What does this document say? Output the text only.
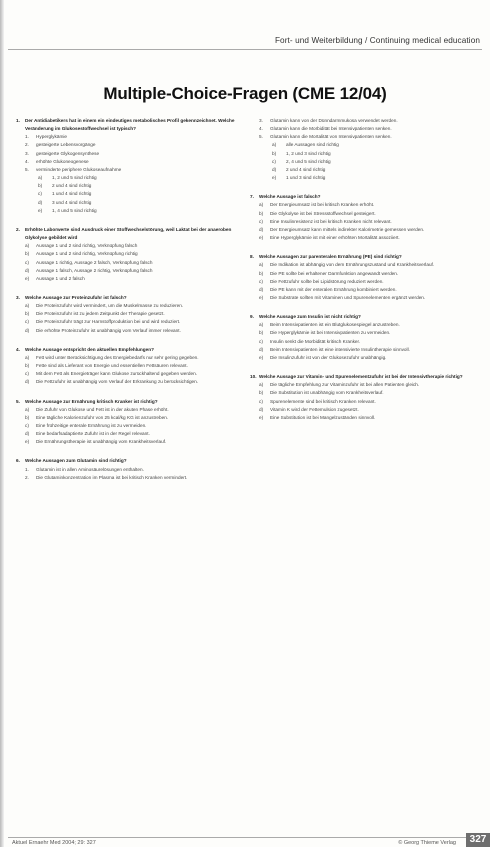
Fort- und Weiterbildung / Continuing medical education
Multiple-Choice-Fragen (CME 12/04)
1.	Der Antidiabetikers hat in einem ein eindeutiges metabolisches Profil gekennzeichnet. Welche Veränderung im Glukosestoffwechsel ist typisch?
1.	Hyperglykämie
2.	gesteigerte Lebensvorgänge
3.	gesteigerte Glykogensynthese
4.	erhöhte Glukoneogenese
5.	verminderte periphere Glukoseaufnahme
a)	1, 2 und 5 sind richtig
b)	2 und 4 sind richtig
c)	1 und 4 sind richtig
d)	3 und 4 sind richtig
e)	1, 4 und 5 sind richtig
2.	Erhöhte Laborwerte sind Ausdruck einer Stoffwechselstörung, weil Laktat bei der anaeroben Glykolyse gebildet wird
a)	Aussage 1 und 2 sind richtig, Verknüpfung falsch
b)	Aussage 1 und 2 sind richtig, Verknüpfung richtig
c)	Aussage 1 richtig, Aussage 2 falsch, Verknüpfung falsch
d)	Aussage 1 falsch, Aussage 2 richtig, Verknüpfung falsch
e)	Aussage 1 und 2 falsch
3.	Welche Aussage zur Proteinzufuhr ist falsch?
a)	Die Proteinzufuhr wird vermindert, um die Muskelmasse zu reduzieren.
b)	Die Proteinzufuhr ist zu jedem Zeitpunkt der Therapie gesetzt.
c)	Die Proteinzufuhr trägt zur Harnstoffproduktion bei und wird reduziert.
d)	Die erhöhte Proteinzufuhr ist unabhängig vom Verlauf immer relevant.
4.	Welche Aussage entspricht den aktuellen Empfehlungen?
a)	Fett wird unter Berücksichtigung des Energiebedarfs nur sehr gering gegeben.
b)	Fette sind als Lieferant von Energie und essentiellen Fettsäuren relevant.
c)	Mit dem Fett als Energieträger kann Glukose zurückhaltend gegeben werden.
d)	Die Fettzufuhr ist unabhängig vom Verlauf der Erkrankung zu berücksichtigen.
5.	Welche Aussage zur Ernährung kritisch Kranker ist richtig?
a)	Die Zufuhr von Glukose und Fett ist in der akuten Phase erhöht.
b)	Eine tägliche Kalorienzufuhr von 25 kcal/kg KG ist anzustreben.
c)	Eine frühzeitige enterale Ernährung ist zu vermeiden.
d)	Eine bedarfsadaptierte Zufuhr ist in der Regel relevant.
e)	Die Ernährungstherapie ist unabhängig vom Krankheitsverlauf.
6.	Welche Aussagen zum Glutamin sind richtig?
1.	Glutamin ist in allen Aminosäurelösungen enthalten.
2.	Die Glutaminkonzentration im Plasma ist bei kritisch Kranken vermindert.
3.	Glutamin kann von der Dünndarmmukosa verwendet werden.
4.	Glutamin kann die Morbidität bei Intensivpatienten senken.
5.	Glutamin kann die Mortalität von Intensivpatienten senken.
a)	alle Aussagen sind richtig
b)	1, 2 und 3 sind richtig
c)	2, 4 und 5 sind richtig
d)	2 und 4 sind richtig
e)	1 und 3 sind richtig
7.	Welche Aussage ist falsch?
a)	Der Energieumsatz ist bei kritisch Kranken erhöht.
b)	Die Glykolyse ist bei Stressstoffwechsel gesteigert.
c)	Eine Insulinresistenz ist bei kritisch Kranken nicht relevant.
d)	Der Energieumsatz kann mittels indirekter Kalorimetrie gemessen werden.
e)	Eine Hyperglykämie ist mit einer erhöhten Mortalität assoziiert.
8.	Welche Aussagen zur parenteralen Ernährung (PE) sind richtig?
a)	Die Indikation ist abhängig von dem Ernährungszustand und Krankheitsverlauf.
b)	Die PE sollte bei erhaltener Darmfunktion angewandt werden.
c)	Die Fettzufuhr sollte bei Lipidstörung reduziert werden.
d)	Die PE kann mit der enteralen Ernährung kombiniert werden.
e)	Die Substrate sollten mit Vitaminen und Spurenelementen ergänzt werden.
9.	Welche Aussage zum Insulin ist nicht richtig?
a)	Beim Intensivpatienten ist ein Blutglukosespiegel anzustreben.
b)	Die Hyperglykämie ist bei Intensivpatienten zu vermeiden.
c)	Insulin senkt die Morbidität kritisch Kranker.
d)	Beim Intensivpatienten ist eine intensivierte Insulintherapie sinnvoll.
e)	Die Insulinzufuhr ist von der Glukosezufuhr unabhängig.
10. Welche Aussage zur Vitamin- und Spurenelementzufuhr ist bei der Intensivtherapie richtig?
a)	Die tägliche Empfehlung zur Vitaminzufuhr ist bei allen Patienten gleich.
b)	Die Substitution ist unabhängig vom Krankheitsverlauf.
c)	Spurenelemente sind bei kritisch Kranken relevant.
d)	Vitamin K wird der Fettemulsion zugesetzt.
e)	Eine Substitution ist bei Mangelzuständen sinnvoll.
Aktuel Ernaehr Med 2004; 29: 327	© Georg Thieme Verlag	327
